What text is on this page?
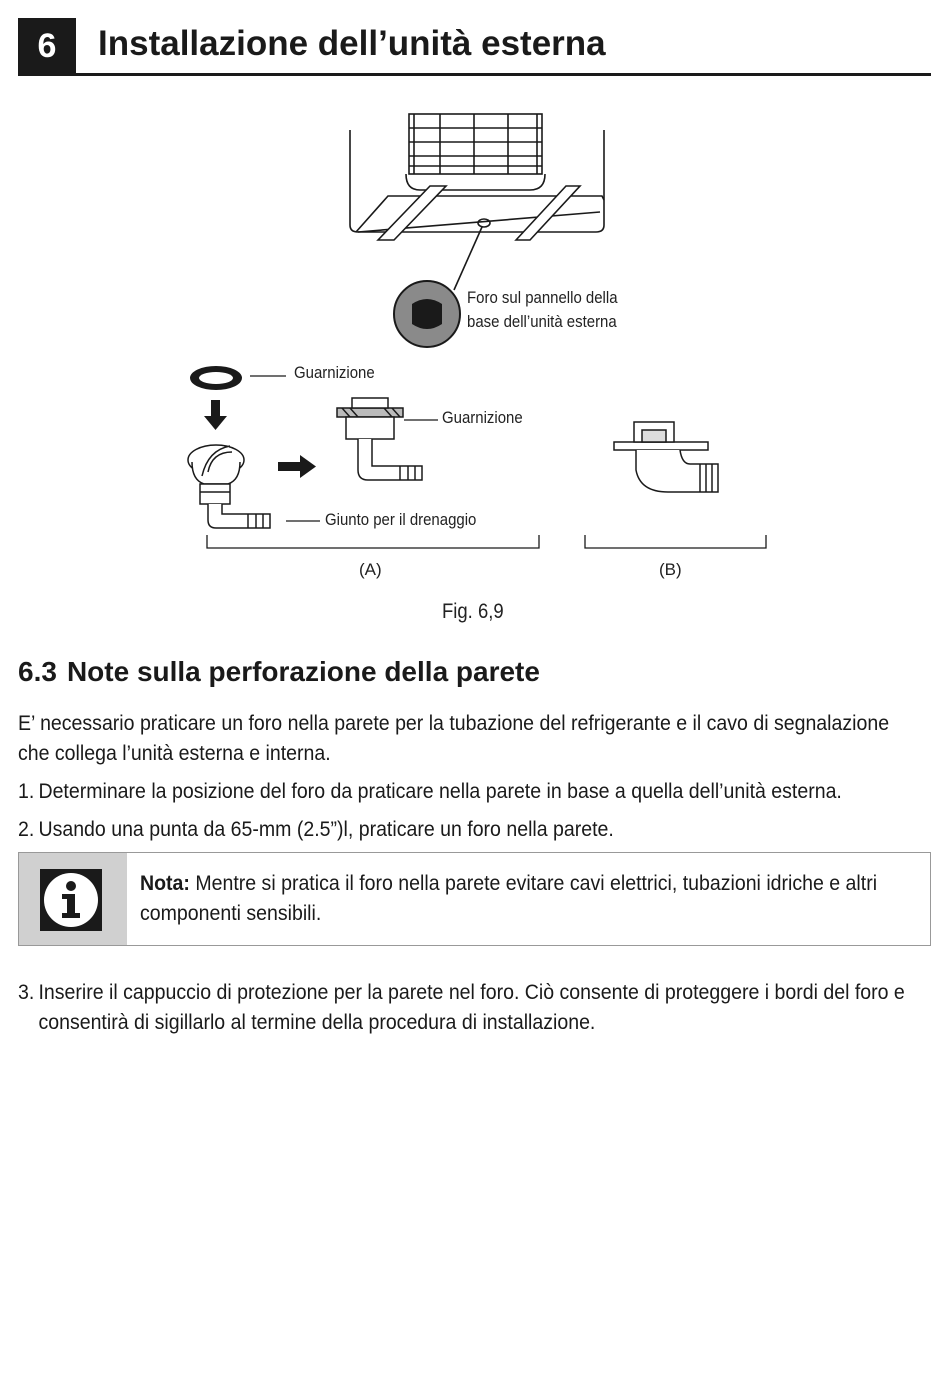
6	Installazione dell’unità esterna
Foro sul pannello della
base dell’unità esterna
Guarnizione
Guarnizione
Giunto per il drenaggio
(A)	(B)
Fig. 6,9
6.3 Note sulla perforazione della parete
E’ necessario praticare un foro nella parete per la tubazione del refrigerante e il cavo di segnalazione
che collega l’unità esterna e interna.
1. Determinare la posizione del foro da praticare nella parete in base a quella dell’unità esterna.
2. Usando una punta da 65-mm (2.5”)l, praticare un foro nella parete.
Nota: Mentre si pratica il foro nella parete evitare cavi elettrici, tubazioni idriche e altri
componenti sensibili.
3. Inserire il cappuccio di protezione per la parete nel foro. Ciò consente di proteggere i bordi del foro e
consentirà di sigillarlo al termine della procedura di installazione.
